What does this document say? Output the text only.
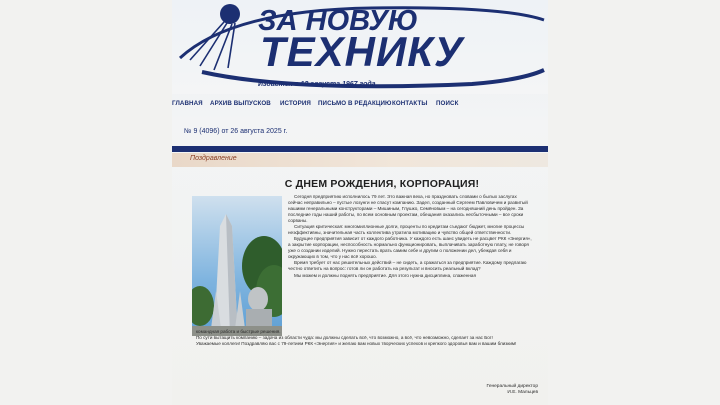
ЗА НОВУЮ
ТЕХНИКУ
Издается с 12 августа 1967 года
ГЛАВНАЯ АРХИВ ВЫПУСКОВ ИСТОРИЯ ПИСЬМО В РЕДАКЦИЮ КОНТАКТЫ ПОИСК
№ 9 (4096) от 26 августа 2025 г.
Поздравление
С ДНЕМ РОЖДЕНИЯ, КОРПОРАЦИЯ!

Сегодня предприятию исполнилось 79 лет. Это важная веха, но праздновать словами о былых заслугах сейчас неправильно – пустые лозунги не спасут компанию. Задел, созданный Сергеем Павловичем и развитый нашими генеральными конструкторами – Мишиным, Глушко, Семёновым – на сегодняшний день пройден. За последние годы наший работы, по всем основным проектам, обещания оказались несбыточными – все сроки сорваны.

Ситуация критическая: многомиллионные долги, проценты по кредитам съедают бюджет, многие процессы неэффективны, значительная часть коллектива утратила мотивацию и чувство общей ответственности.

Будущее предприятия зависит от каждого работника. У каждого есть шанс увидеть не расцвет РКК «Энергия», а закрытие корпорации, неспособность нормально функционировать, выплачивать заработную плату, не говоря уже о создании изделий. Нужно перестать врать самим себе и другим о положении дел, убеждая себя и окружающих в том, что у нас всё хорошо.

Время требует от нас решительных действий – не сидеть, а сражаться за предприятие. Каждому предлагаю честно ответить на вопрос: готов ли он работать на результат и вносить реальный вклад?

Мы можем и должны поднять предприятие. Для этого нужна дисциплина, слаженная

командная работа и быстрые решения.

По сути вытащить компанию – задача из области чуда: мы должны сделать всё, что возможно, а всё, что невозможно, сделает за нас Бог!

Уважаемые коллеги! Поздравляю вас с 79-летием РКК «Энергия» и желаю вам новых творческих успехов и крепкого здоровья вам и вашим близким!

Генеральный директор
И.Е. Мальцев
